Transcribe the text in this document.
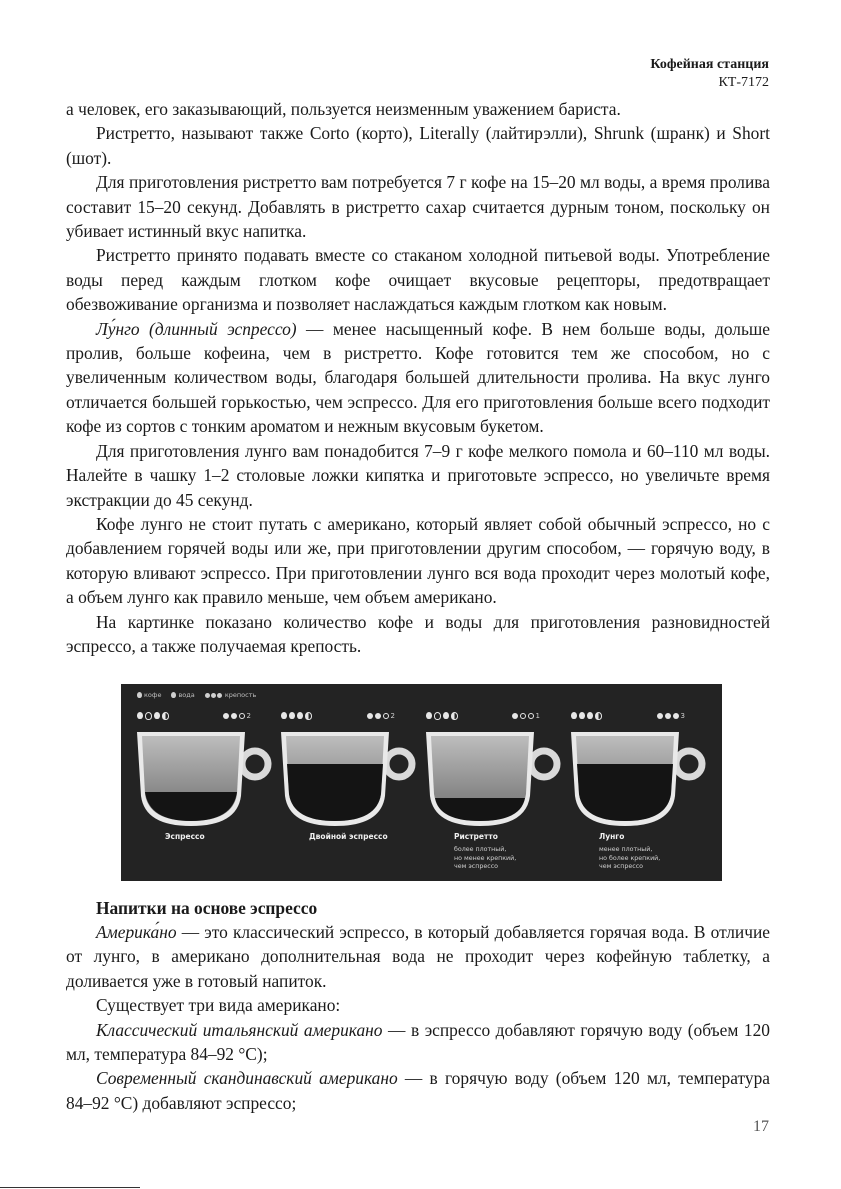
Кофейная станция
КТ-7172

а человек, его заказывающий, пользуется неизменным уважением бариста.

Ристретто, называют также Corto (корто), Literally (лайтирэлли), Shrunk (шранк) и Short (шот).

Для приготовления ристретто вам потребуется 7 г кофе на 15–20 мл воды, а время пролива составит 15–20 секунд. Добавлять в ристретто сахар считается дурным тоном, поскольку он убивает истинный вкус напитка.

Ристретто принято подавать вместе со стаканом холодной питьевой воды. Употребление воды перед каждым глотком кофе очищает вкусовые рецепторы, предотвращает обезвоживание организма и позволяет наслаждаться каждым глотком как новым.

Лу́нго (длинный эспрессо) — менее насыщенный кофе. В нем больше воды, дольше пролив, больше кофеина, чем в ристретто. Кофе готовится тем же способом, но с увеличенным количеством воды, благодаря большей длительности пролива. На вкус лунго отличается большей горькостью, чем эспрессо. Для его приготовления больше всего подходит кофе из сортов с тонким ароматом и нежным вкусовым букетом.

Для приготовления лунго вам понадобится 7–9 г кофе мелкого помола и 60–110 мл воды. Налейте в чашку 1–2 столовые ложки кипятка и приготовьте эспрессо, но увеличьте время экстракции до 45 секунд.

Кофе лунго не стоит путать с американо, который являет собой обычный эспрессо, но с добавлением горячей воды или же, при приготовлении другим способом, — горячую воду, в которую вливают эспрессо. При приготовлении лунго вся вода проходит через молотый кофе, а объем лунго как правило меньше, чем объем американо.

На картинке показано количество кофе и воды для приготовления разновидностей эспрессо, а также получаемая крепость.

кофе	вода	крепость
2
Эспрессо
2
Двойной эспрессо
1
Ристретто
более плотный,
но менее крепкий,
чем эспрессо
3
Лунго
менее плотный,
но более крепкий,
чем эспрессо
Напитки на основе эспрессо

Америка́но — это классический эспрессо, в который добавляется горячая вода. В отличие от лунго, в американо дополнительная вода не проходит через кофейную таблетку, а доливается уже в готовый напиток.

Существует три вида американо:

Классический итальянский американо — в эспрессо добавляют горячую воду (объем 120 мл, температура 84–92 °C);

Современный скандинавский американо — в горячую воду (объем 120 мл, температура 84–92 °C) добавляют эспрессо;

17
